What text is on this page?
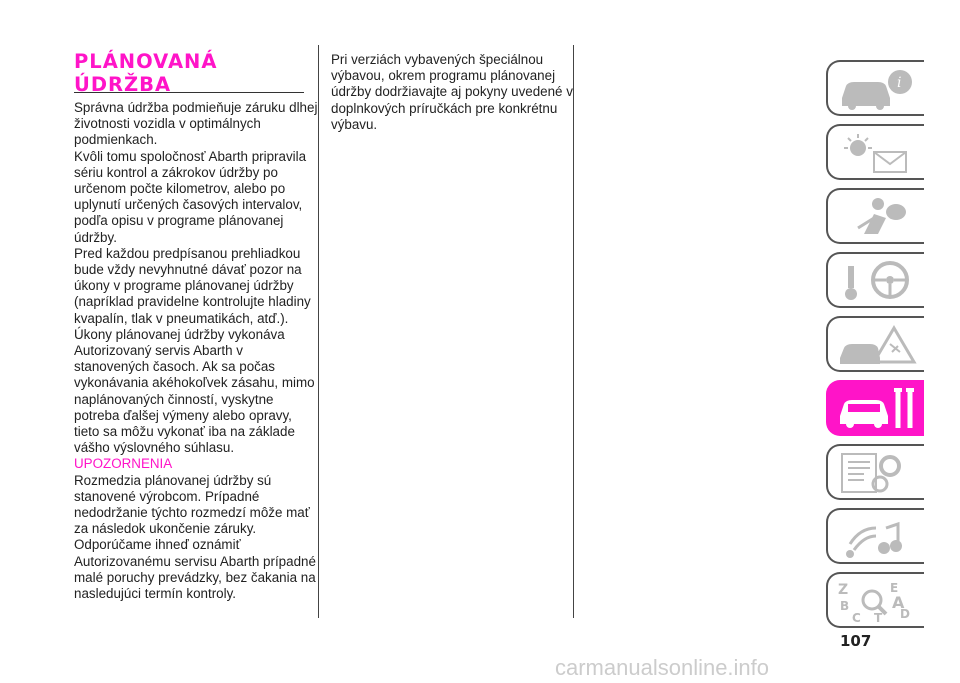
PLÁNOVANÁ
ÚDRŽBA

Správna údržba podmieňuje záruku dlhej životnosti vozidla v optimálnych podmienkach.

Kvôli tomu spoločnosť Abarth pripravila sériu kontrol a zákrokov údržby po určenom počte kilometrov, alebo po uplynutí určených časových intervalov, podľa opisu v programe plánovanej údržby.

Pred každou predpísanou prehliadkou bude vždy nevyhnutné dávať pozor na úkony v programe plánovanej údržby (napríklad pravidelne kontrolujte hladiny kvapalín, tlak v pneumatikách, atď.).

Úkony plánovanej údržby vykonáva Autorizovaný servis Abarth v stanovených časoch. Ak sa počas vykonávania akéhokoľvek zásahu, mimo naplánovaných činností, vyskytne potreba ďalšej výmeny alebo opravy, tieto sa môžu vykonať iba na základe vášho výslovného súhlasu.

UPOZORNENIA

Rozmedzia plánovanej údržby sú stanovené výrobcom. Prípadné nedodržanie týchto rozmedzí môže mať za následok ukončenie záruky.

Odporúčame ihneď oznámiť Autorizovanému servisu Abarth prípadné malé poruchy prevádzky, bez čakania na nasledujúci termín kontroly.

Pri verziách vybavených špeciálnou výbavou, okrem programu plánovanej údržby dodržiavajte aj pokyny uvedené v doplnkových príručkách pre konkrétnu výbavu.

i
Z	E
B	A
C T D
107
carmanualsonline.info
